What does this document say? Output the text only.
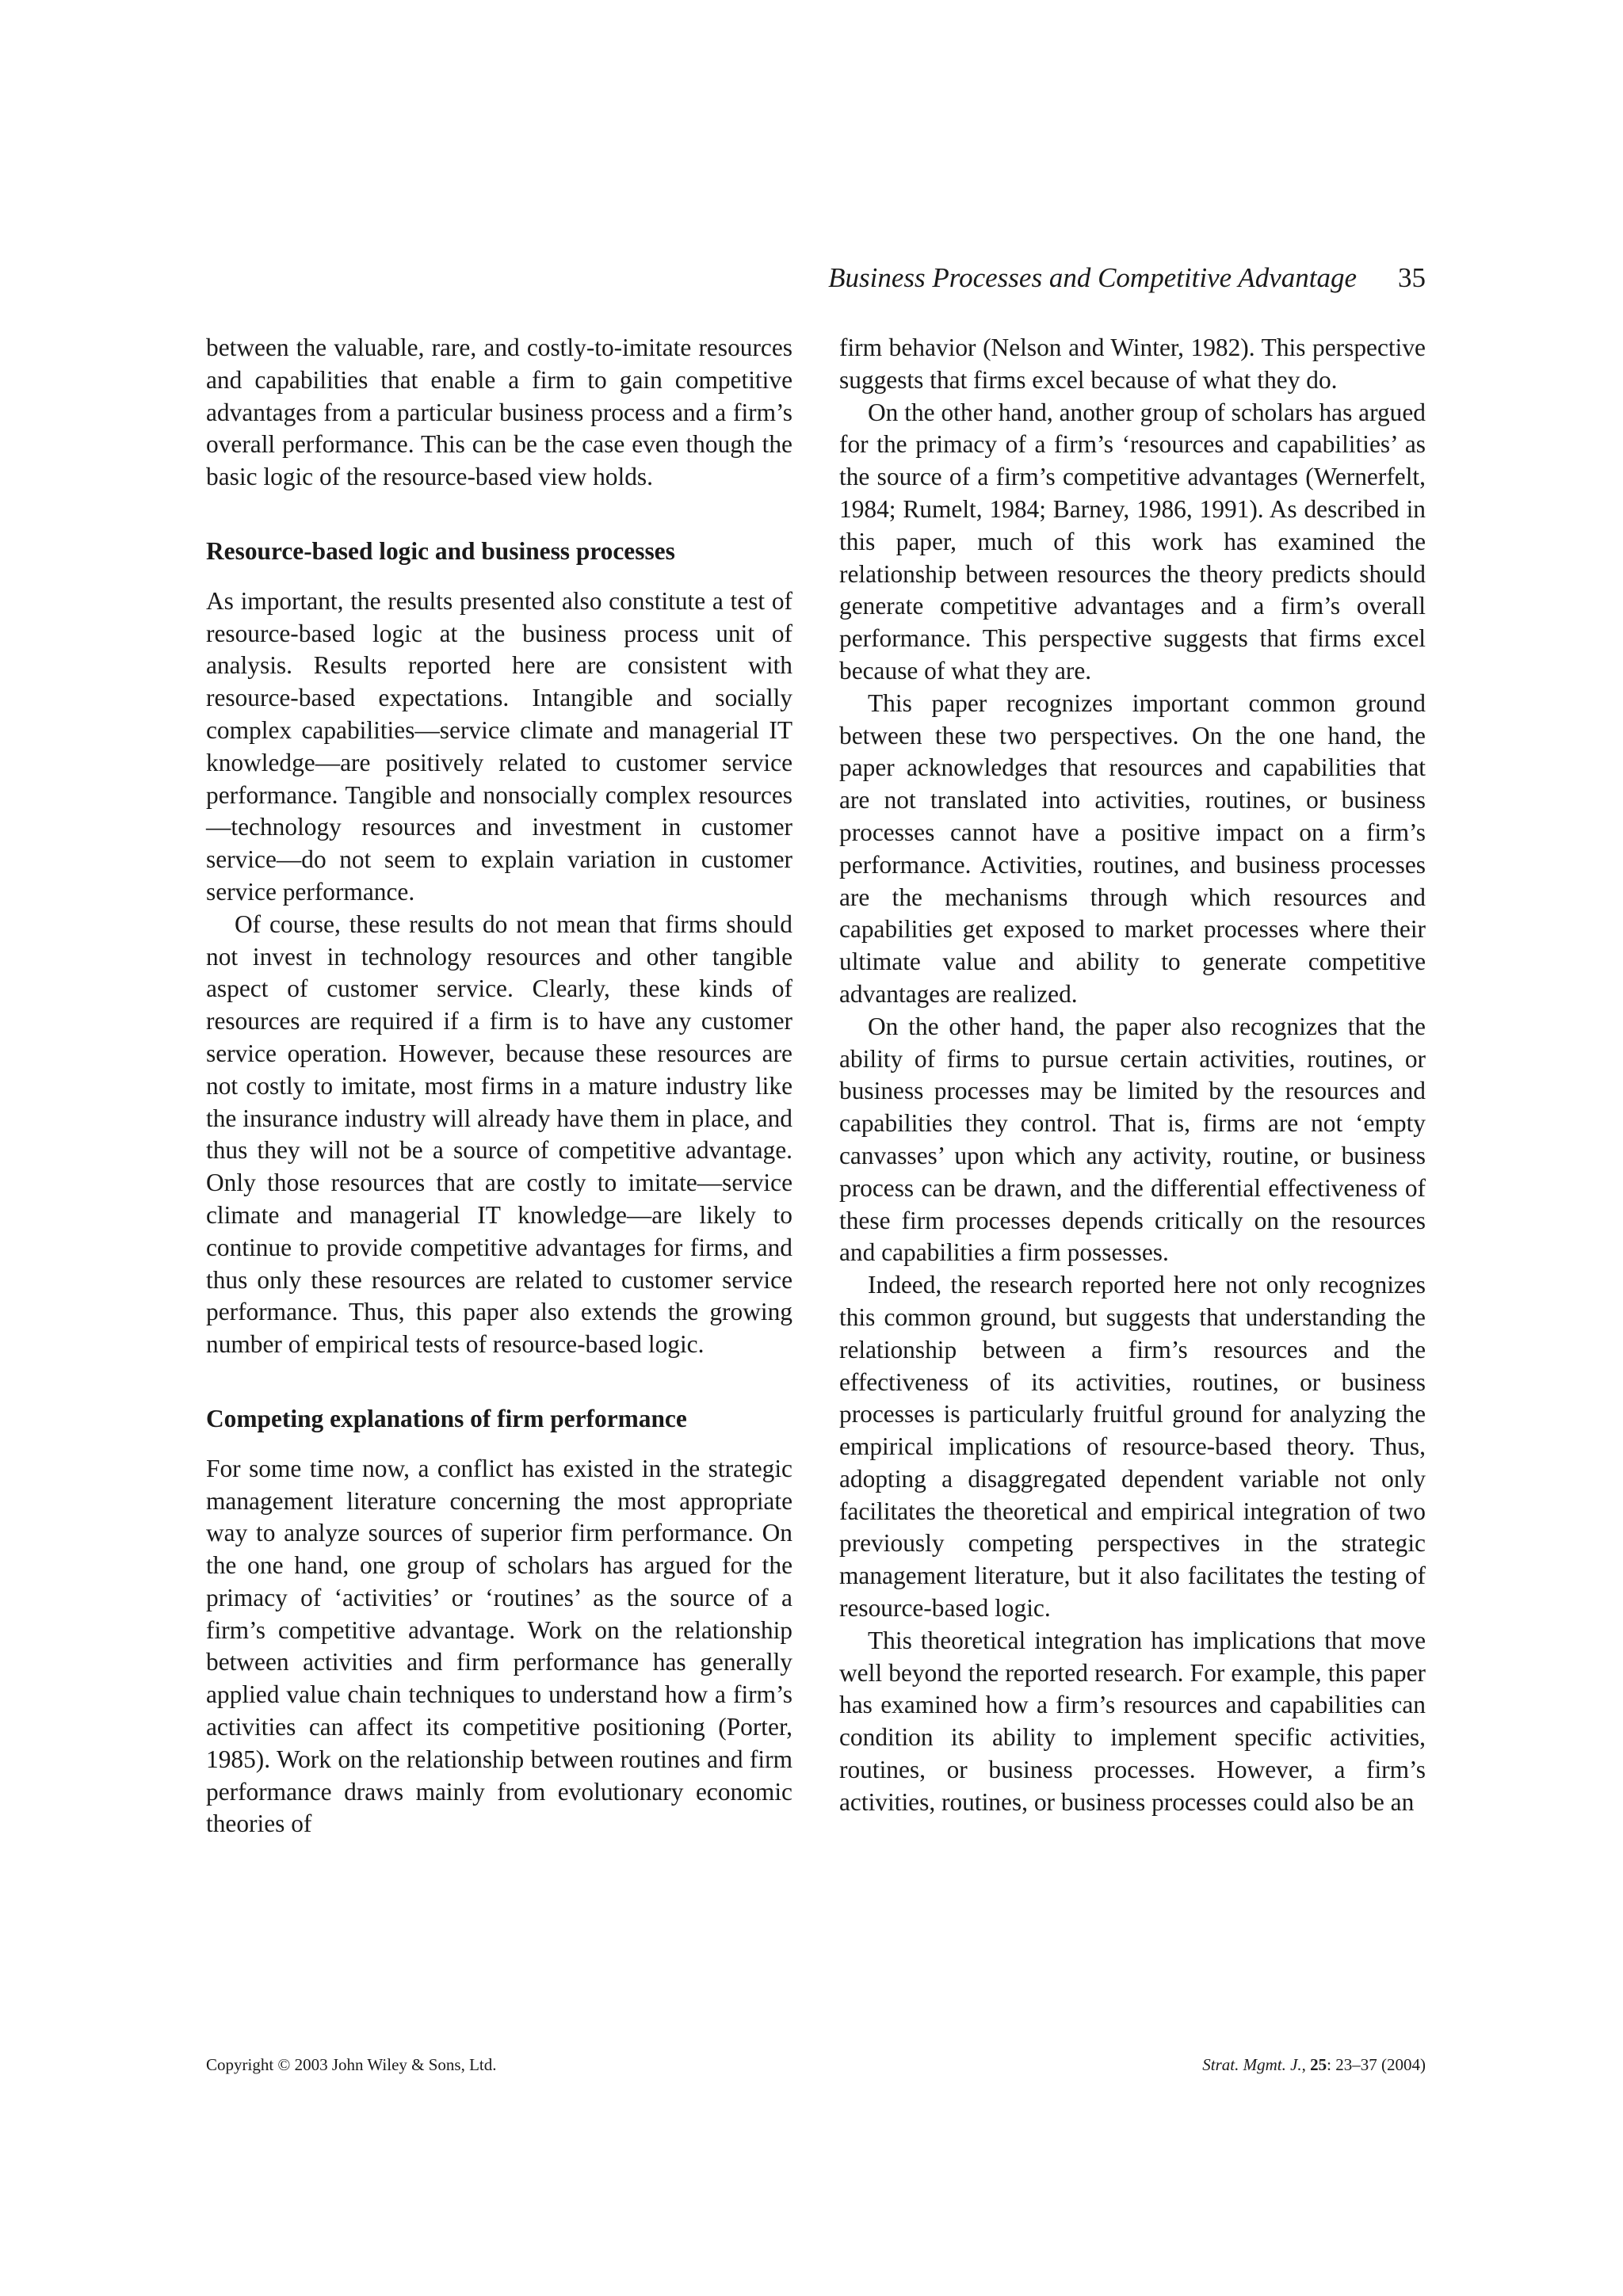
Business Processes and Competitive Advantage 35

between the valuable, rare, and costly-to-imitate resources and capabilities that enable a firm to gain competitive advantages from a particular business process and a firm’s overall performance. This can be the case even though the basic logic of the resource-based view holds.

Resource-based logic and business processes

As important, the results presented also constitute a test of resource-based logic at the business process unit of analysis. Results reported here are consistent with resource-based expectations. Intangible and socially complex capabilities—service climate and managerial IT knowledge—are positively related to customer service performance. Tangible and nonsocially complex resources—technology resources and investment in customer service—do not seem to explain variation in customer service performance.

Of course, these results do not mean that firms should not invest in technology resources and other tangible aspect of customer service. Clearly, these kinds of resources are required if a firm is to have any customer service operation. However, because these resources are not costly to imitate, most firms in a mature industry like the insurance industry will already have them in place, and thus they will not be a source of competitive advantage. Only those resources that are costly to imitate—service climate and managerial IT knowledge—are likely to continue to provide competitive advantages for firms, and thus only these resources are related to customer service performance. Thus, this paper also extends the growing number of empirical tests of resource-based logic.

Competing explanations of firm performance

For some time now, a conflict has existed in the strategic management literature concerning the most appropriate way to analyze sources of superior firm performance. On the one hand, one group of scholars has argued for the primacy of ‘activities’ or ‘routines’ as the source of a firm’s competitive advantage. Work on the relationship between activities and firm performance has generally applied value chain techniques to understand how a firm’s activities can affect its competitive positioning (Porter, 1985). Work on the relationship between routines and firm performance draws mainly from evolutionary economic theories of

firm behavior (Nelson and Winter, 1982). This perspective suggests that firms excel because of what they do.

On the other hand, another group of scholars has argued for the primacy of a firm’s ‘resources and capabilities’ as the source of a firm’s competitive advantages (Wernerfelt, 1984; Rumelt, 1984; Barney, 1986, 1991). As described in this paper, much of this work has examined the relationship between resources the theory predicts should generate competitive advantages and a firm’s overall performance. This perspective suggests that firms excel because of what they are.

This paper recognizes important common ground between these two perspectives. On the one hand, the paper acknowledges that resources and capabilities that are not translated into activities, routines, or business processes cannot have a positive impact on a firm’s performance. Activities, routines, and business processes are the mechanisms through which resources and capabilities get exposed to market processes where their ultimate value and ability to generate competitive advantages are realized.

On the other hand, the paper also recognizes that the ability of firms to pursue certain activities, routines, or business processes may be limited by the resources and capabilities they control. That is, firms are not ‘empty canvasses’ upon which any activity, routine, or business process can be drawn, and the differential effectiveness of these firm processes depends critically on the resources and capabilities a firm possesses.

Indeed, the research reported here not only recognizes this common ground, but suggests that understanding the relationship between a firm’s resources and the effectiveness of its activities, routines, or business processes is particularly fruitful ground for analyzing the empirical implications of resource-based theory. Thus, adopting a disaggregated dependent variable not only facilitates the theoretical and empirical integration of two previously competing perspectives in the strategic management literature, but it also facilitates the testing of resource-based logic.

This theoretical integration has implications that move well beyond the reported research. For example, this paper has examined how a firm’s resources and capabilities can condition its ability to implement specific activities, routines, or business processes. However, a firm’s activities, routines, or business processes could also be an

Copyright © 2003 John Wiley & Sons, Ltd.	Strat. Mgmt. J., 25: 23–37 (2004)
